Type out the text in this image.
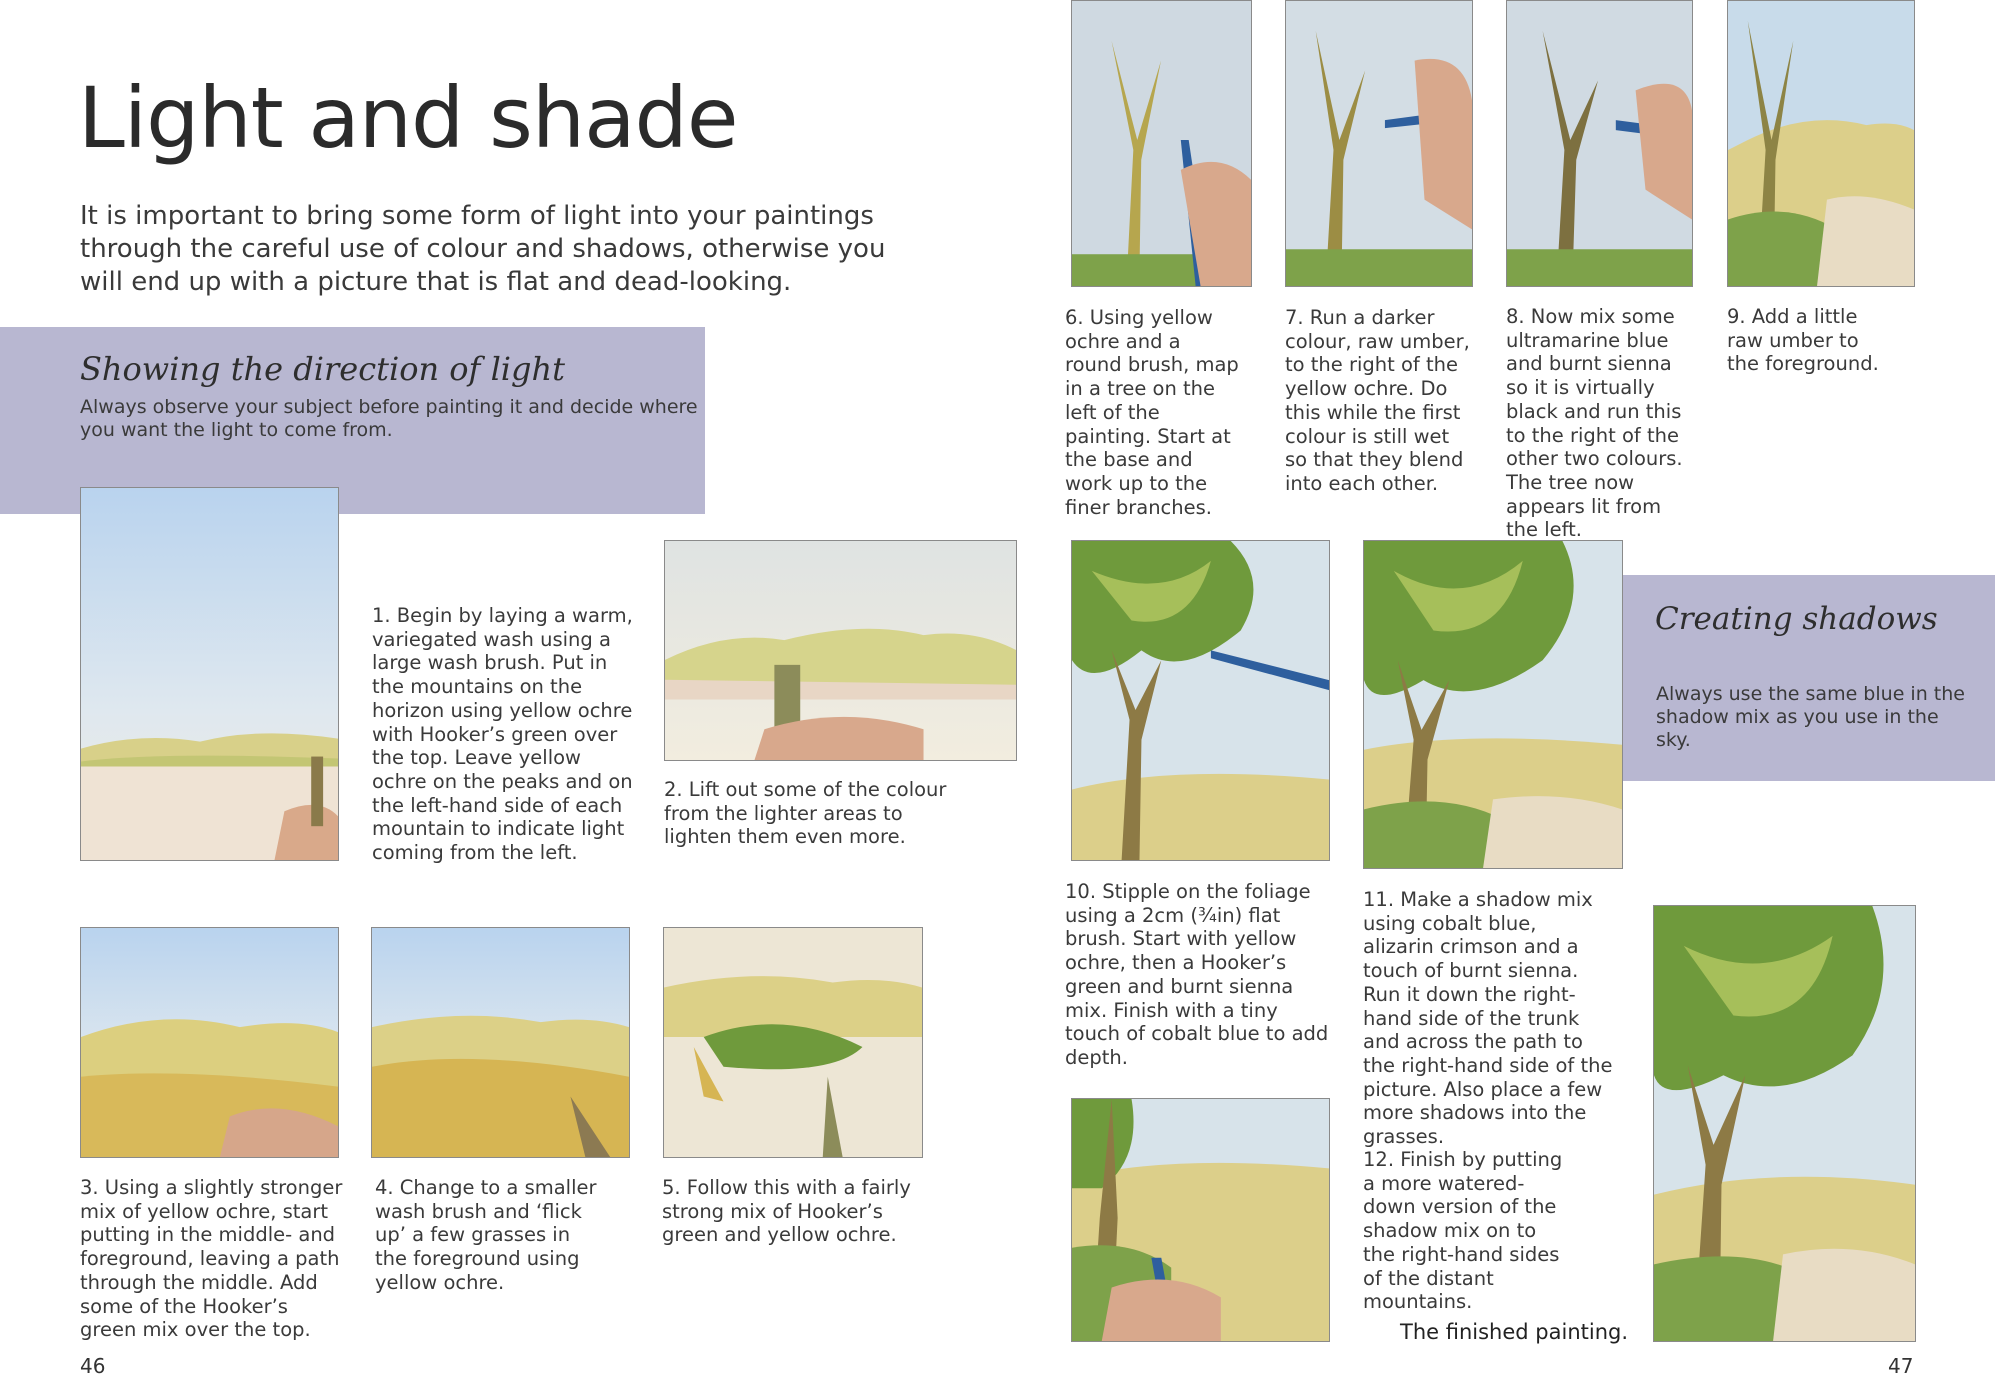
Light and shade
It is important to bring some form of light into your paintings through the careful use of colour and shadows, otherwise you will end up with a picture that is flat and dead-looking.
Showing the direction of light
Always observe your subject before painting it and decide where you want the light to come from.
Creating shadows
Always use the same blue in the shadow mix as you use in the sky.
1. Begin by laying a warm, variegated wash using a large wash brush. Put in the mountains on the horizon using yellow ochre with Hooker’s green over the top. Leave yellow ochre on the peaks and on the left-hand side of each mountain to indicate light coming from the left.
2. Lift out some of the colour from the lighter areas to lighten them even more.
3. Using a slightly stronger mix of yellow ochre, start putting in the middle- and foreground, leaving a path through the middle. Add some of the Hooker’s green mix over the top.
4. Change to a smaller wash brush and ‘flick up’ a few grasses in the foreground using yellow ochre.
5. Follow this with a fairly strong mix of Hooker’s green and yellow ochre.
6. Using yellow ochre and a round brush, map in a tree on the left of the painting. Start at the base and work up to the finer branches.
7. Run a darker colour, raw umber, to the right of the yellow ochre. Do this while the first colour is still wet so that they blend into each other.
8. Now mix some ultramarine blue and burnt sienna so it is virtually black and run this to the right of the other two colours. The tree now appears lit from the left.
9. Add a little raw umber to the foreground.
10. Stipple on the foliage using a 2cm (¾in) flat brush. Start with yellow ochre, then a Hooker’s green and burnt sienna mix. Finish with a tiny touch of cobalt blue to add depth.
11. Make a shadow mix using cobalt blue, alizarin crimson and a touch of burnt sienna. Run it down the right-hand side of the trunk and across the path to the right-hand side of the picture. Also place a few more shadows into the grasses.
12. Finish by putting a more watered-down version of the shadow mix on to the right-hand sides of the distant mountains.
The finished painting.
46	47
